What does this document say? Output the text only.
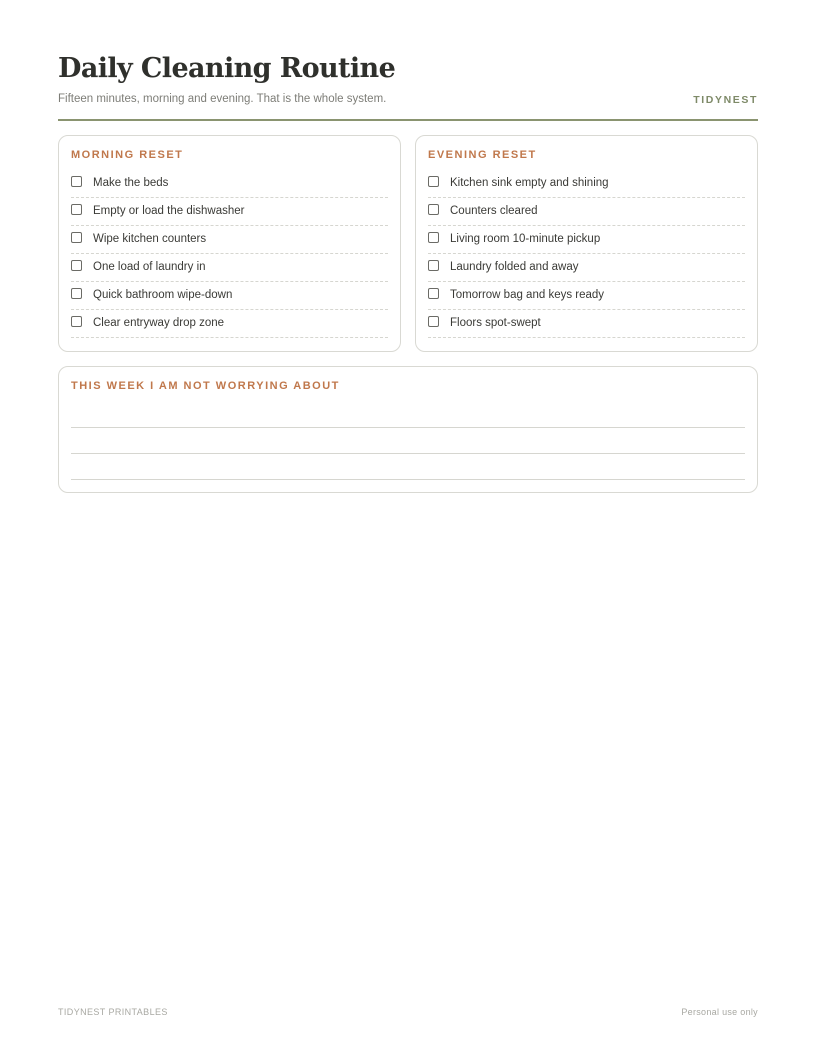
Daily Cleaning Routine
Fifteen minutes, morning and evening. That is the whole system.	TIDYNEST
MORNING RESET
Make the beds
Empty or load the dishwasher
Wipe kitchen counters
One load of laundry in
Quick bathroom wipe-down
Clear entryway drop zone
EVENING RESET
Kitchen sink empty and shining
Counters cleared
Living room 10-minute pickup
Laundry folded and away
Tomorrow bag and keys ready
Floors spot-swept
THIS WEEK I AM NOT WORRYING ABOUT
TIDYNEST PRINTABLES	Personal use only
